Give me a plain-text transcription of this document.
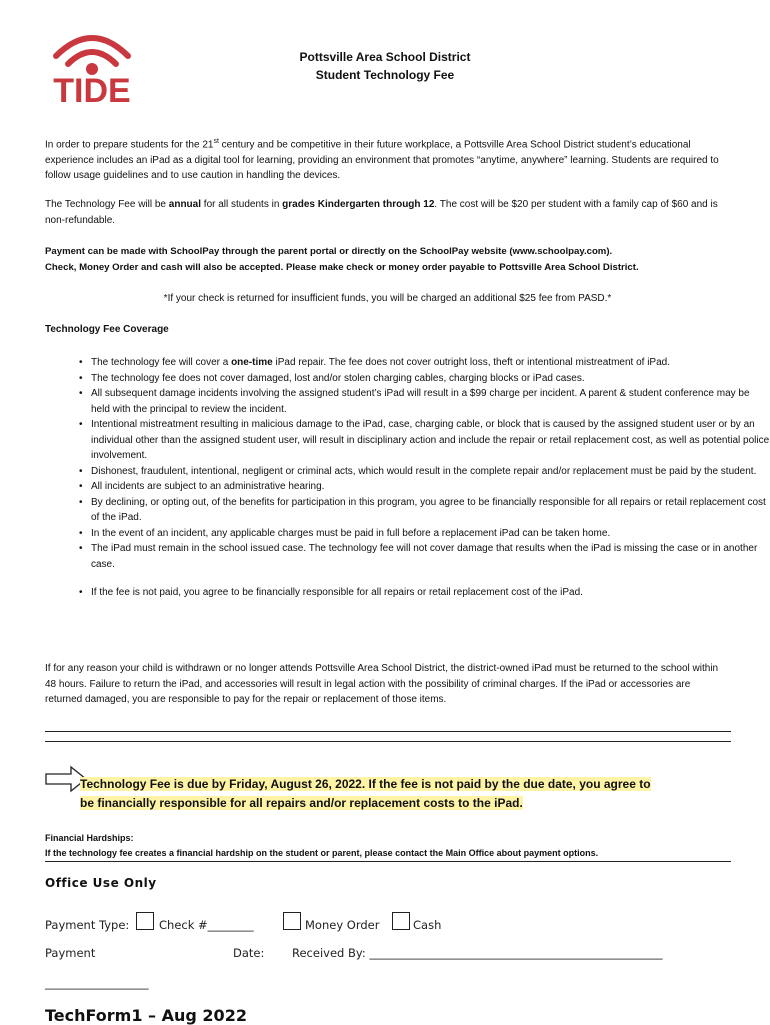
TIDE
Pottsville Area School District
Student Technology Fee
In order to prepare students for the 21st century and be competitive in their future workplace, a Pottsville Area School District student’s educational experience includes an iPad as a digital tool for learning, providing an environment that promotes “anytime, anywhere” learning. Students are required to follow usage guidelines and to use caution in handling the devices.
The Technology Fee will be annual for all students in grades Kindergarten through 12. The cost will be $20 per student with a family cap of $60 and is non-refundable.
Payment can be made with SchoolPay through the parent portal or directly on the SchoolPay website (www.schoolpay.com).
Check, Money Order and cash will also be accepted. Please make check or money order payable to Pottsville Area School District.
*If your check is returned for insufficient funds, you will be charged an additional $25 fee from PASD.*
Technology Fee Coverage
• The technology fee will cover a one-time iPad repair. The fee does not cover outright loss, theft or intentional mistreatment of iPad.
• The technology fee does not cover damaged, lost and/or stolen charging cables, charging blocks or iPad cases.
• All subsequent damage incidents involving the assigned student’s iPad will result in a $99 charge per incident. A parent & student conference may be held with the principal to review the incident.
• Intentional mistreatment resulting in malicious damage to the iPad, case, charging cable, or block that is caused by the assigned student user or by an individual other than the assigned student user, will result in disciplinary action and include the repair or retail replacement cost, as well as potential police involvement.
• Dishonest, fraudulent, intentional, negligent or criminal acts, which would result in the complete repair and/or replacement must be paid by the student.
• All incidents are subject to an administrative hearing.
• By declining, or opting out, of the benefits for participation in this program, you agree to be financially responsible for all repairs or retail replacement cost of the iPad.
• In the event of an incident, any applicable charges must be paid in full before a replacement iPad can be taken home.
• The iPad must remain in the school issued case. The technology fee will not cover damage that results when the iPad is missing the case or in another case.
• If the fee is not paid, you agree to be financially responsible for all repairs or retail replacement cost of the iPad.
If for any reason your child is withdrawn or no longer attends Pottsville Area School District, the district-owned iPad must be returned to the school within 48 hours. Failure to return the iPad, and accessories will result in legal action with the possibility of criminal charges. If the iPad or accessories are returned damaged, you are responsible to pay for the repair or replacement of those items.
Technology Fee is due by Friday, August 26, 2022. If the fee is not paid by the due date, you agree to
be financially responsible for all repairs and/or replacement costs to the iPad.
Financial Hardships:
If the technology fee creates a financial hardship on the student or parent, please contact the Main Office about payment options.
Office Use Only
Payment Type:	Check #________	Money Order	Cash
Payment	Date: Received By: ___________________________________________________
__________________
TechForm1 – Aug 2022
